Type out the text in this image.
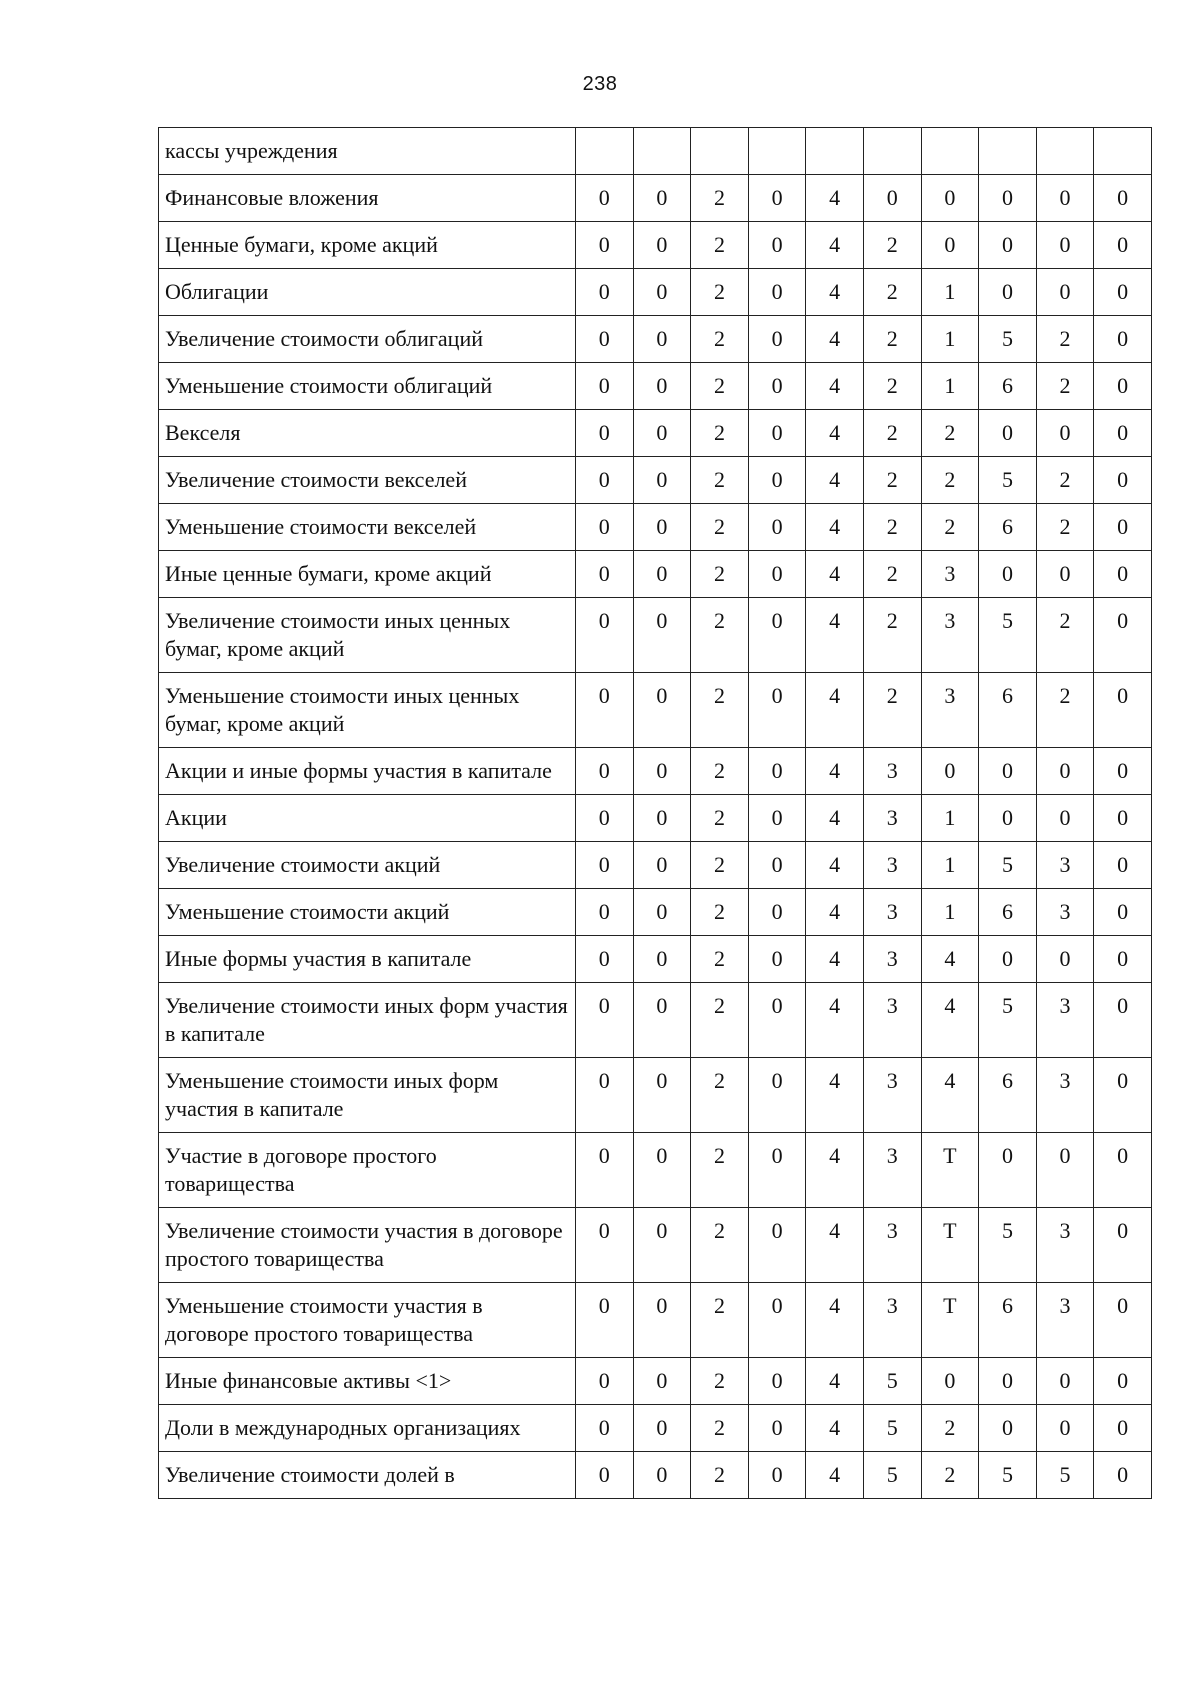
238
кассы учреждения										
Финансовые вложения	0	0	2	0	4	0	0	0	0	0
Ценные бумаги, кроме акций	0	0	2	0	4	2	0	0	0	0
Облигации	0	0	2	0	4	2	1	0	0	0
Увеличение стоимости облигаций	0	0	2	0	4	2	1	5	2	0
Уменьшение стоимости облигаций	0	0	2	0	4	2	1	6	2	0
Векселя	0	0	2	0	4	2	2	0	0	0
Увеличение стоимости векселей	0	0	2	0	4	2	2	5	2	0
Уменьшение стоимости векселей	0	0	2	0	4	2	2	6	2	0
Иные ценные бумаги, кроме акций	0	0	2	0	4	2	3	0	0	0
Увеличение стоимости иных ценных бумаг, кроме акций	0	0	2	0	4	2	3	5	2	0
Уменьшение стоимости иных ценных бумаг, кроме акций	0	0	2	0	4	2	3	6	2	0
Акции и иные формы участия в капитале	0	0	2	0	4	3	0	0	0	0
Акции	0	0	2	0	4	3	1	0	0	0
Увеличение стоимости акций	0	0	2	0	4	3	1	5	3	0
Уменьшение стоимости акций	0	0	2	0	4	3	1	6	3	0
Иные формы участия в капитале	0	0	2	0	4	3	4	0	0	0
Увеличение стоимости иных форм участия в капитале	0	0	2	0	4	3	4	5	3	0
Уменьшение стоимости иных форм участия в капитале	0	0	2	0	4	3	4	6	3	0
Участие в договоре простого товарищества	0	0	2	0	4	3	Т	0	0	0
Увеличение стоимости участия в договоре простого товарищества	0	0	2	0	4	3	Т	5	3	0
Уменьшение стоимости участия в договоре простого товарищества	0	0	2	0	4	3	Т	6	3	0
Иные финансовые активы <1>	0	0	2	0	4	5	0	0	0	0
Доли в международных организациях	0	0	2	0	4	5	2	0	0	0
Увеличение стоимости долей в	0	0	2	0	4	5	2	5	5	0
